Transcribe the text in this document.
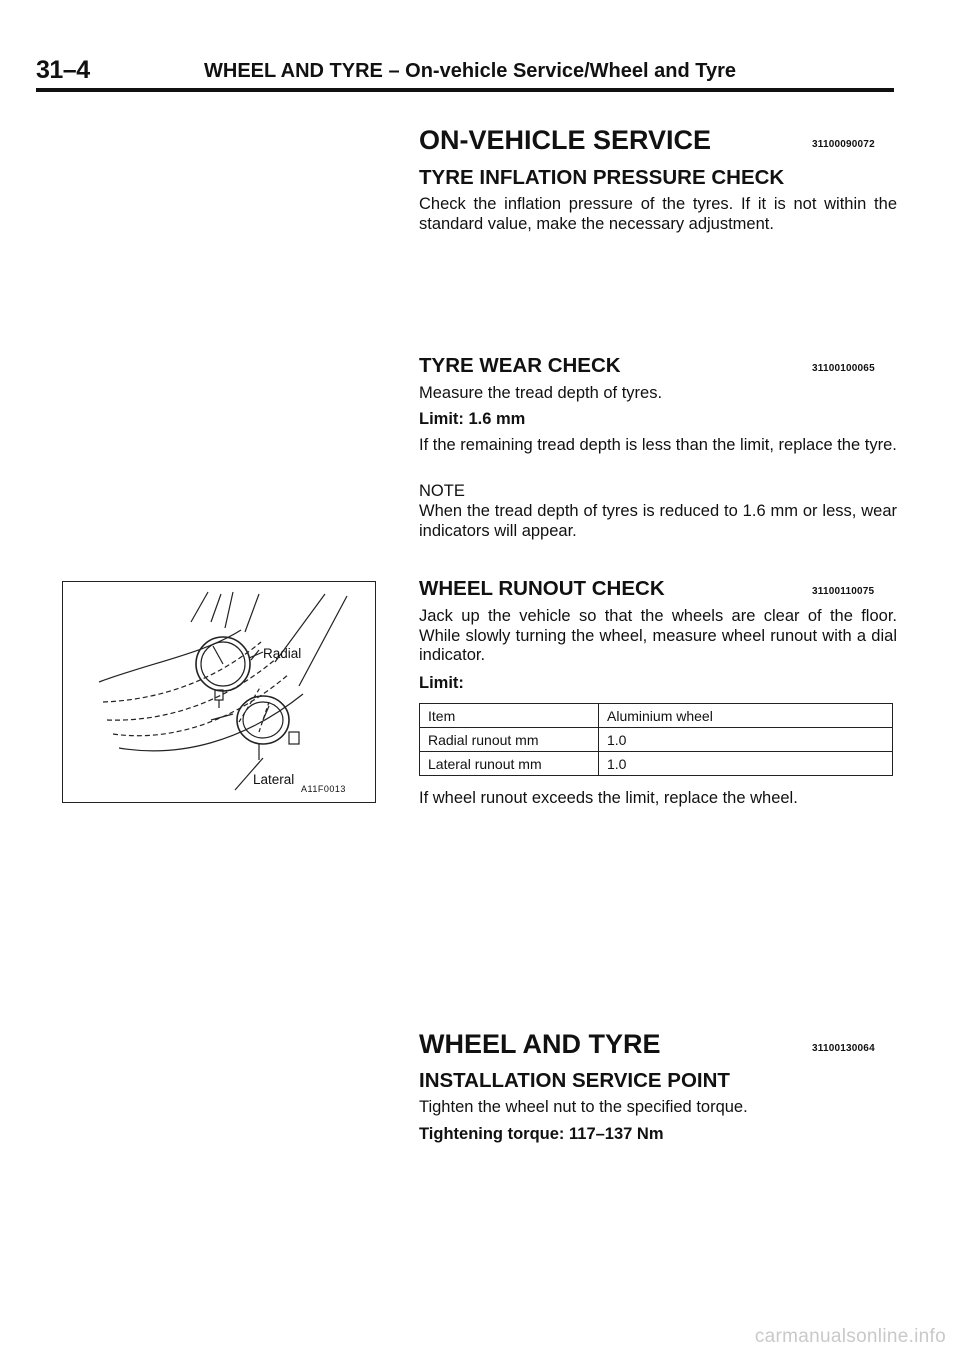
31–4	WHEEL AND TYRE – On-vehicle Service/Wheel and Tyre
ON-VEHICLE SERVICE	31100090072
TYRE INFLATION PRESSURE CHECK
Check the inflation pressure of the tyres. If it is not within the standard value, make the necessary adjustment.
TYRE WEAR CHECK	31100100065
Measure the tread depth of tyres.
Limit: 1.6 mm
If the remaining tread depth is less than the limit, replace the tyre.
NOTE
When the tread depth of tyres is reduced to 1.6 mm or less, wear indicators will appear.
WHEEL RUNOUT CHECK	31100110075
Jack up the vehicle so that the wheels are clear of the floor. While slowly turning the wheel, measure wheel runout with a dial indicator.
Limit:
Item	Aluminium wheel
Radial runout mm	1.0
Lateral runout mm	1.0
If wheel runout exceeds the limit, replace the wheel.
Radial
Lateral
A11F0013
WHEEL AND TYRE	31100130064
INSTALLATION SERVICE POINT
Tighten the wheel nut to the specified torque.
Tightening torque: 117–137 Nm
carmanualsonline.info
